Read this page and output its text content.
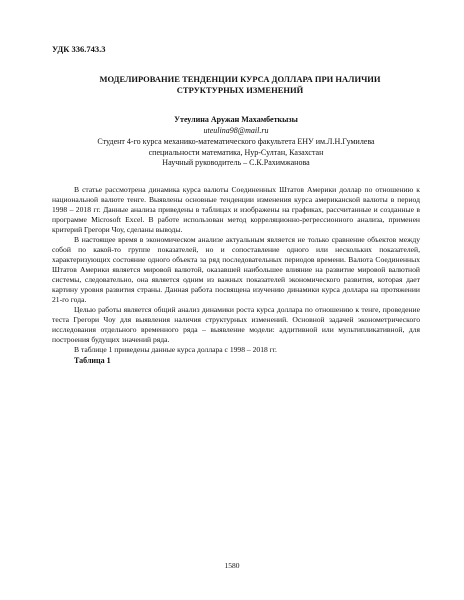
УДК 336.743.3
МОДЕЛИРОВАНИЕ ТЕНДЕНЦИИ КУРСА ДОЛЛАРА ПРИ НАЛИЧИИ
СТРУКТУРНЫХ ИЗМЕНЕНИЙ
Утеулина Аружан Махамбеткызы
uteulina98@mail.ru
Студент 4-го курса механико-математического факультета ЕНУ им.Л.Н.Гумилева
специальности математика, Нур-Султан, Казахстан
Научный руководитель – С.К.Рахимжанова

В статье рассмотрена динамика курса валюты Соединенных Штатов Америки доллар по отношению к национальной валюте тенге. Выявлены основные тенденции изменения курса американской валюты в период 1998 – 2018 гг. Данные анализа приведены в таблицах и изображены на графиках, рассчитанные и созданные в программе Microsoft Excel. В работе использован метод корреляционно-регрессионного анализа, применен критерий Грегори Чоу, сделаны выводы.

В настоящее время в экономическом анализе актуальным является не только сравнение объектов между собой по какой-то группе показателей, но и сопоставление одного или нескольких показателей, характеризующих состояние одного объекта за ряд последовательных периодов времени. Валюта Соединенных Штатов Америки является мировой валютой, оказавшей наибольшее влияние на развитие мировой валютной системы, следовательно, она является одним из важных показателей экономического развития, которая дает картину уровня развития страны. Данная работа посвящена изучению динамики курса доллара на протяжении 21-го года.

Целью работы является общий анализ динамики роста курса доллара по отношению к тенге, проведение теста Грегори Чоу для выявления наличия структурных изменений. Основной задачей эконометрического исследования отдельного временного ряда – выявление модели: аддитивной или мультипликативной, для построения будущих значений ряда.

В таблице 1 приведены данные курса доллара с 1998 – 2018 гг.

Таблица 1
1580
